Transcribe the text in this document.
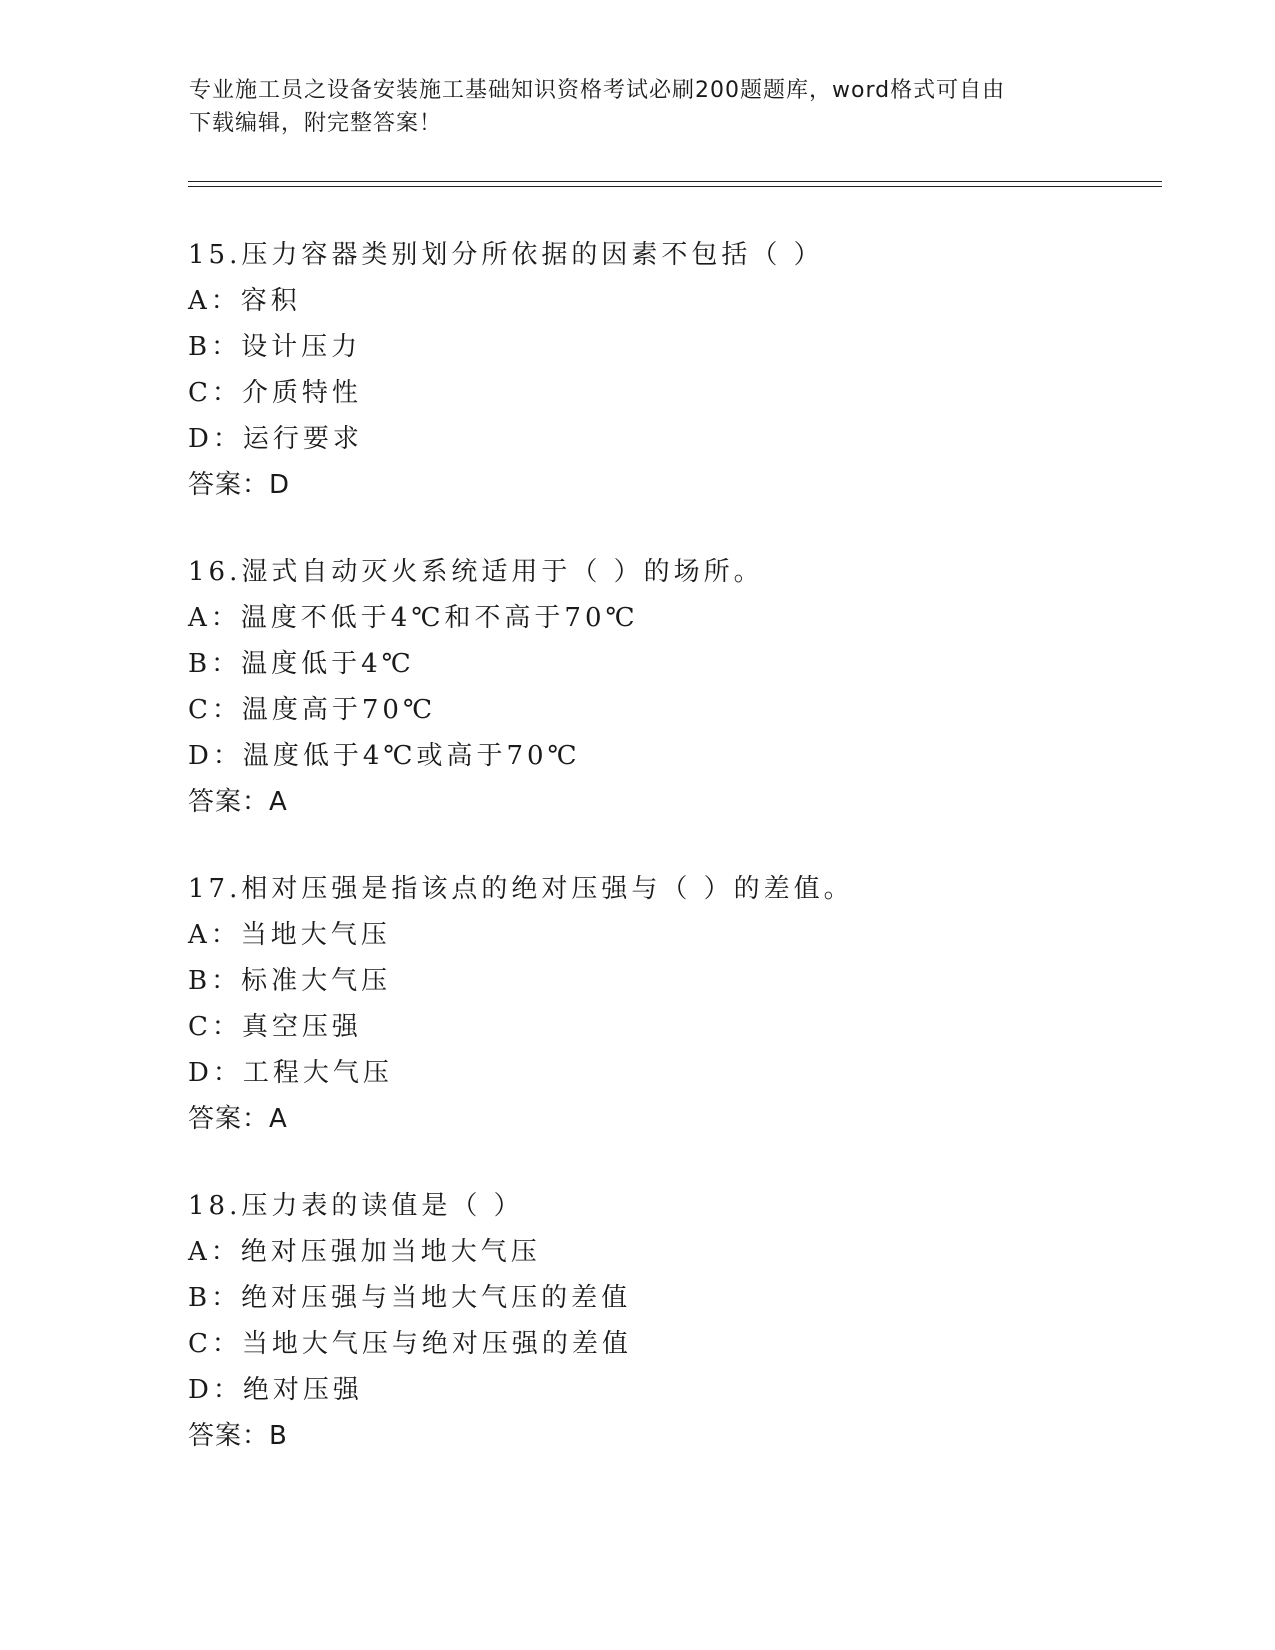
专业施工员之设备安装施工基础知识资格考试必刷200题题库，word格式可自由
下载编辑，附完整答案！
15.压力容器类别划分所依据的因素不包括（ ）
A：容积
B：设计压力
C：介质特性
D：运行要求
答案：D
16.湿式自动灭火系统适用于（ ）的场所。
A：温度不低于4℃和不高于70℃
B：温度低于4℃
C：温度高于70℃
D：温度低于4℃或高于70℃
答案：A
17.相对压强是指该点的绝对压强与（ ）的差值。
A：当地大气压
B：标准大气压
C：真空压强
D：工程大气压
答案：A
18.压力表的读值是（ ）
A：绝对压强加当地大气压
B：绝对压强与当地大气压的差值
C：当地大气压与绝对压强的差值
D：绝对压强
答案：B
